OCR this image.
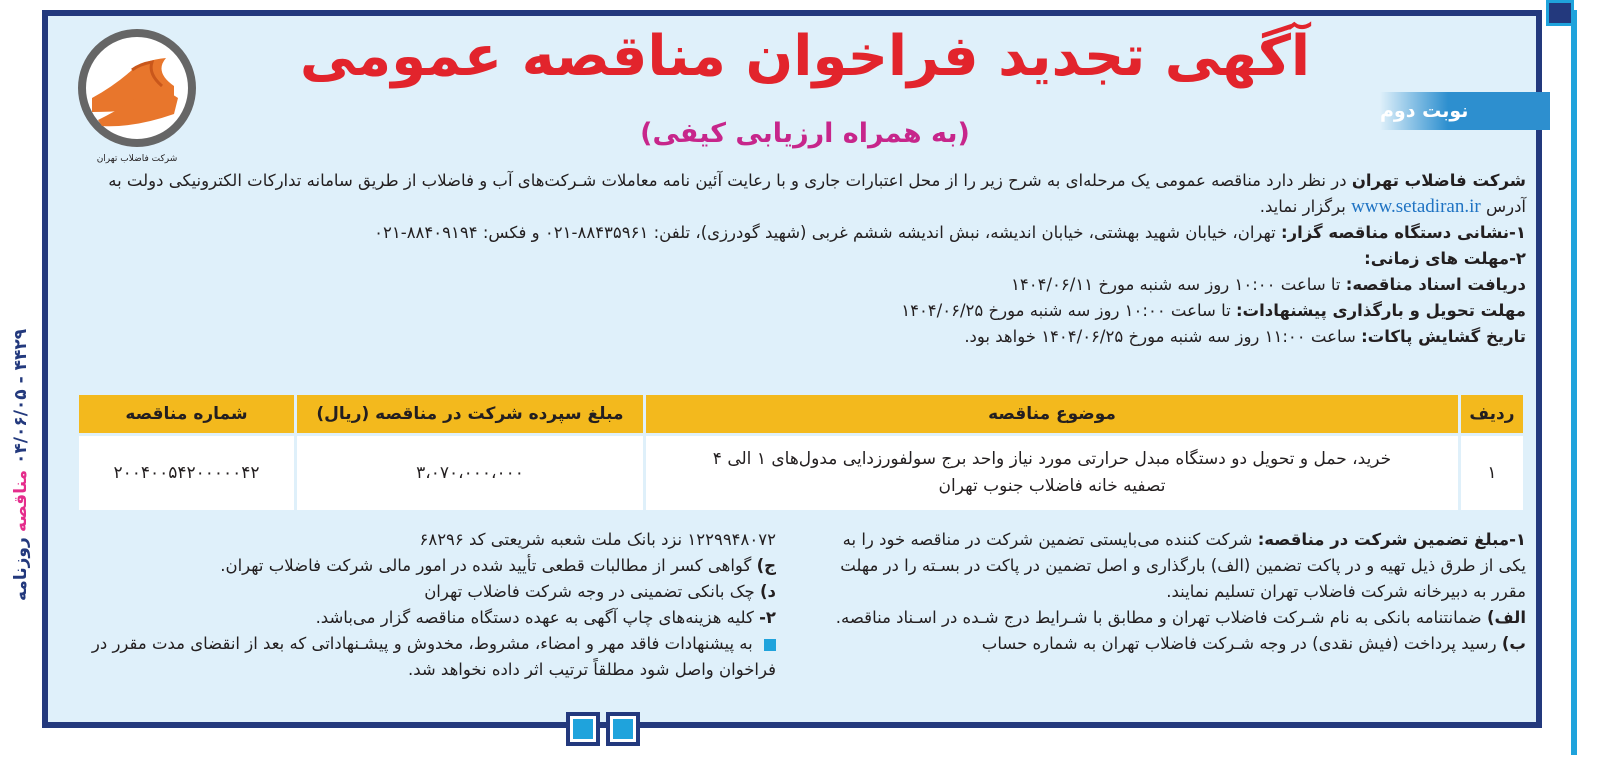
روزنامه
مناقصه
۰۴/۰۶/۰۵ - ۴۴۲۹
نوبت دوم
شرکت فاضلاب تهران
آگهی تجدید فراخوان مناقصه عمومی
(به همراه ارزیابی کیفی)

شرکت فاضلاب تهران در نظر دارد مناقصه عمومی یک مرحله‌ای به شرح زیر را از محل اعتبارات جاری و با رعایت آئین نامه معاملات شـرکت‌های آب و فاضلاب از طریق سامانه تدارکات الکترونیکی دولت به آدرس www.setadiran.ir برگزار نماید.

۱-نشانی دستگاه مناقصه گزار: تهران، خیابان شهید بهشتی، خیابان اندیشه، نبش اندیشه ششم غربی (شهید گودرزی)، تلفن: ۸۸۴۳۵۹۶۱-۰۲۱ و فکس: ۸۸۴۰۹۱۹۴-۰۲۱

۲-مهلت های زمانی:

دریافت اسناد مناقصه: تا ساعت ۱۰:۰۰ روز سه شنبه مورخ ۱۴۰۴/۰۶/۱۱

مهلت تحویل و بارگذاری پیشنهادات: تا ساعت ۱۰:۰۰ روز سه شنبه مورخ ۱۴۰۴/۰۶/۲۵

تاریخ گشایش پاکات: ساعت ۱۱:۰۰ روز سه شنبه مورخ ۱۴۰۴/۰۶/۲۵ خواهد بود.

ردیف	موضوع مناقصه	مبلغ سپرده شرکت در مناقصه (ریال)	شماره مناقصه
۱	خرید، حمل و تحویل دو دستگاه مبدل حرارتی مورد نیاز واحد برج سولفورزدایی مدول‌های ۱ الی ۴
تصفیه خانه فاضلاب جنوب تهران	۳،۰۷۰،۰۰۰،۰۰۰	۲۰۰۴۰۰۵۴۲۰۰۰۰۰۴۲

۱-مبلغ تضمین شرکت در مناقصه: شرکت کننده می‌بایستی تضمین شرکت در مناقصه خود را به یکی از طرق ذیل تهیه و در پاکت تضمین (الف) بارگذاری و اصل تضمین در پاکت در بسـته را در مهلت مقرر به دبیرخانه شرکت فاضلاب تهران تسلیم نمایند.

الف) ضمانتنامه بانکی به نام شـرکت فاضلاب تهران و مطابق با شـرایط درج شـده در اسـناد مناقصه.

ب) رسید پرداخت (فیش نقدی) در وجه شـرکت فاضلاب تهران به شماره حساب

۱۲۲۹۹۴۸۰۷۲ نزد بانک ملت شعبه شریعتی کد ۶۸۲۹۶

ج) گواهی کسر از مطالبات قطعی تأیید شده در امور مالی شرکت فاضلاب تهران.

د) چک بانکی تضمینی در وجه شرکت فاضلاب تهران

۲- کلیه هزینه‌های چاپ آگهی به عهده دستگاه مناقصه گزار می‌باشد.

به پیشنهادات فاقد مهر و امضاء، مشروط، مخدوش و پیشـنهاداتی که بعد از انقضای مدت مقرر در فراخوان واصل شود مطلقاً ترتیب اثر داده نخواهد شد.
